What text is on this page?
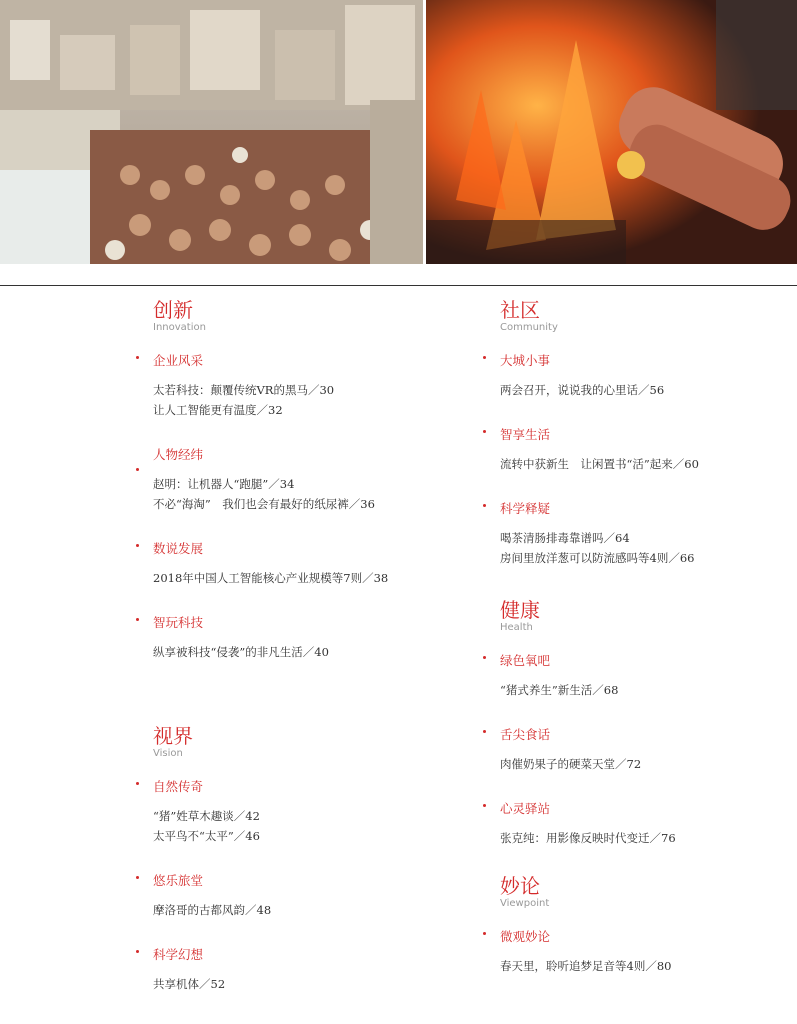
创新
Innovation
企业风采
太若科技：颠覆传统VR的黑马／30
让人工智能更有温度／32
人物经纬
赵明：让机器人“跑腿”／34
不必“海淘”　我们也会有最好的纸尿裤／36
数说发展
2018年中国人工智能核心产业规模等7则／38
智玩科技
纵享被科技“侵袭”的非凡生活／40
视界
Vision
自然传奇
“猪”姓草木趣谈／42
太平鸟不“太平”／46
悠乐旅堂
摩洛哥的古都风韵／48
科学幻想
共享机体／52
社区
Community
大城小事
两会召开，说说我的心里话／56
智享生活
流转中获新生　让闲置书“活”起来／60
科学释疑
喝茶清肠排毒靠谱吗／64
房间里放洋葱可以防流感吗等4则／66
健康
Health
绿色氧吧
“猪式养生”新生活／68
舌尖食话
肉催奶果子的硬菜天堂／72
心灵驿站
张克纯：用影像反映时代变迁／76
妙论
Viewpoint
微观妙论
春天里，聆听追梦足音等4则／80
